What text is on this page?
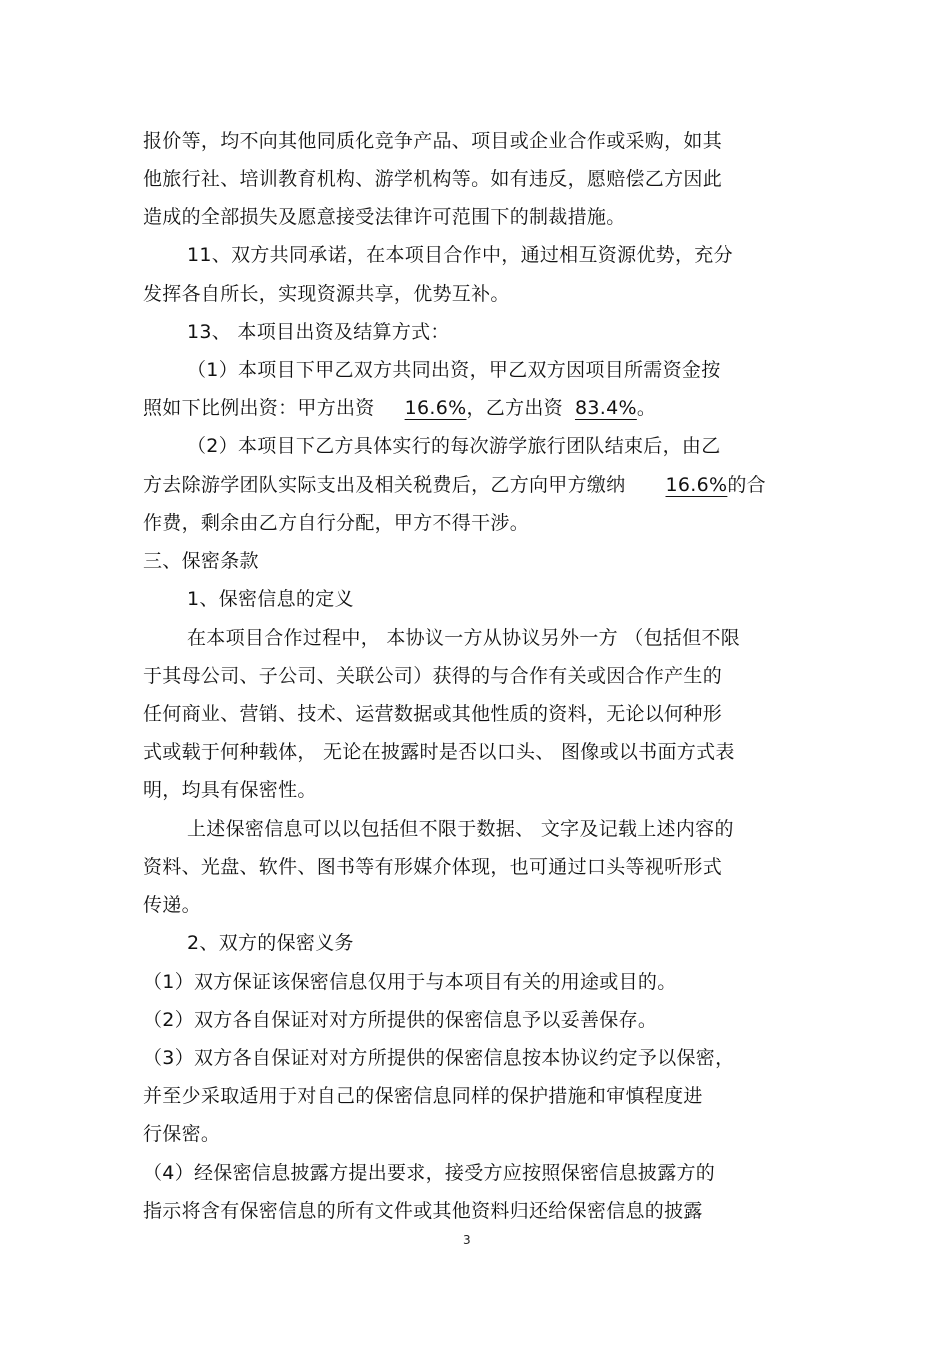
报价等，均不向其他同质化竞争产品、项目或企业合作或采购，如其
他旅行社、培训教育机构、游学机构等。如有违反，愿赔偿乙方因此
造成的全部损失及愿意接受法律许可范围下的制裁措施。
11、双方共同承诺，在本项目合作中，通过相互资源优势，充分
发挥各自所长，实现资源共享，优势互补。
13、 本项目出资及结算方式：
（1）本项目下甲乙双方共同出资，甲乙双方因项目所需资金按
照如下比例出资：甲方出资 16.6%，乙方出资 83.4%。
（2）本项目下乙方具体实行的每次游学旅行团队结束后，由乙
方去除游学团队实际支出及相关税费后，乙方向甲方缴纳 16.6%的合
作费，剩余由乙方自行分配，甲方不得干涉。
三、保密条款
1、保密信息的定义
在本项目合作过程中， 本协议一方从协议另外一方 （包括但不限
于其母公司、子公司、关联公司）获得的与合作有关或因合作产生的
任何商业、营销、技术、运营数据或其他性质的资料，无论以何种形
式或载于何种载体， 无论在披露时是否以口头、 图像或以书面方式表
明，均具有保密性。
上述保密信息可以以包括但不限于数据、 文字及记载上述内容的
资料、光盘、软件、图书等有形媒介体现，也可通过口头等视听形式
传递。
2、双方的保密义务
（1）双方保证该保密信息仅用于与本项目有关的用途或目的。
（2）双方各自保证对对方所提供的保密信息予以妥善保存。
（3）双方各自保证对对方所提供的保密信息按本协议约定予以保密，
并至少采取适用于对自己的保密信息同样的保护措施和审慎程度进
行保密。
（4）经保密信息披露方提出要求，接受方应按照保密信息披露方的
指示将含有保密信息的所有文件或其他资料归还给保密信息的披露
3
